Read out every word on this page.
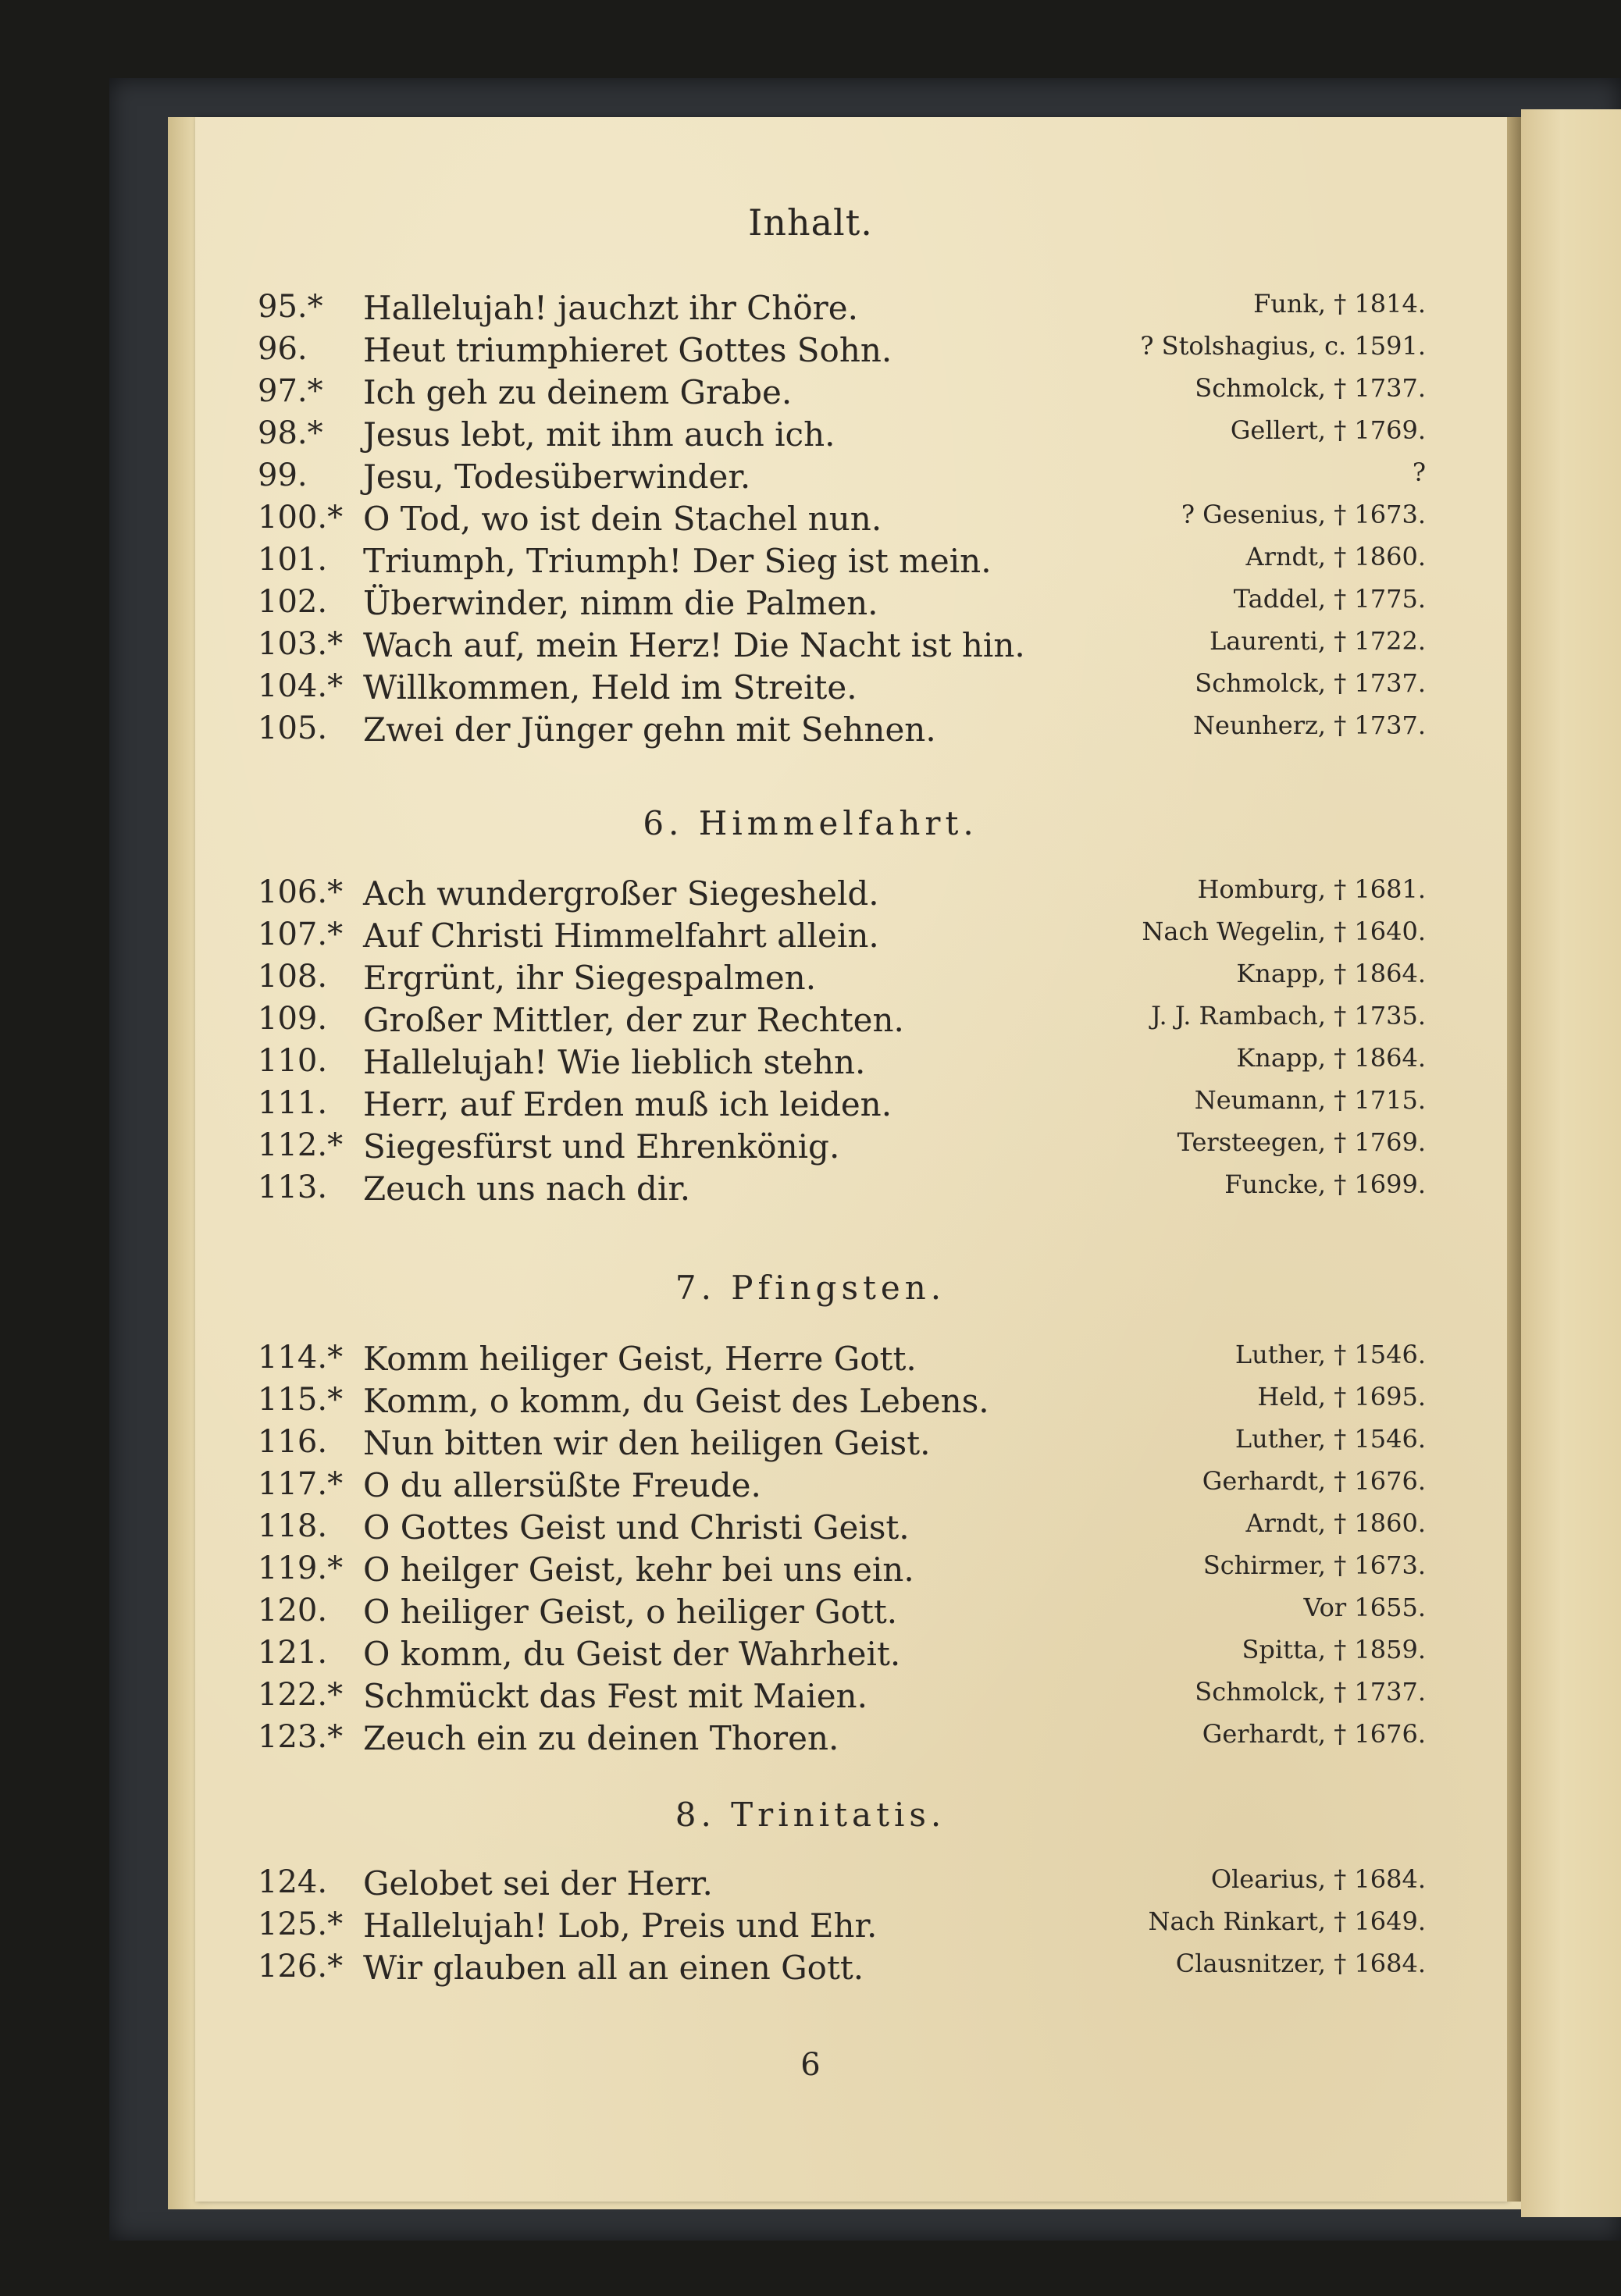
Inhalt.
6
95.*	Hallelujah! jauchzt ihr Chöre.	Funk, † 1814.
96.	Heut triumphieret Gottes Sohn.	? Stolshagius, c. 1591.
97.*	Ich geh zu deinem Grabe.	Schmolck, † 1737.
98.*	Jesus lebt, mit ihm auch ich.	Gellert, † 1769.
99.	Jesu, Todesüberwinder.	?
100.* O Tod, wo ist dein Stachel nun.	? Gesenius, † 1673.
101.	Triumph, Triumph! Der Sieg ist mein.	Arndt, † 1860.
102.	Überwinder, nimm die Palmen.	Taddel, † 1775.
103.* Wach auf, mein Herz! Die Nacht ist hin.	Laurenti, † 1722.
104.* Willkommen, Held im Streite.	Schmolck, † 1737.
105.	Zwei der Jünger gehn mit Sehnen.	Neunherz, † 1737.
6. Himmelfahrt.
106.* Ach wundergroßer Siegesheld.	Homburg, † 1681.
107.* Auf Christi Himmelfahrt allein.	Nach Wegelin, † 1640.
108.	Ergrünt, ihr Siegespalmen.	Knapp, † 1864.
109.	Großer Mittler, der zur Rechten.	J. J. Rambach, † 1735.
110.	Hallelujah! Wie lieblich stehn.	Knapp, † 1864.
111.	Herr, auf Erden muß ich leiden.	Neumann, † 1715.
112.* Siegesfürst und Ehrenkönig.	Tersteegen, † 1769.
113.	Zeuch uns nach dir.	Funcke, † 1699.
7. Pfingsten.
114.* Komm heiliger Geist, Herre Gott.	Luther, † 1546.
115.* Komm, o komm, du Geist des Lebens.	Held, † 1695.
116.	Nun bitten wir den heiligen Geist.	Luther, † 1546.
117.* O du allersüßte Freude.	Gerhardt, † 1676.
118.	O Gottes Geist und Christi Geist.	Arndt, † 1860.
119.* O heilger Geist, kehr bei uns ein.	Schirmer, † 1673.
120.	O heiliger Geist, o heiliger Gott.	Vor 1655.
121.	O komm, du Geist der Wahrheit.	Spitta, † 1859.
122.* Schmückt das Fest mit Maien.	Schmolck, † 1737.
123.* Zeuch ein zu deinen Thoren.	Gerhardt, † 1676.
8. Trinitatis.
124.	Gelobet sei der Herr.	Olearius, † 1684.
125.* Hallelujah! Lob, Preis und Ehr.	Nach Rinkart, † 1649.
126.* Wir glauben all an einen Gott.	Clausnitzer, † 1684.
